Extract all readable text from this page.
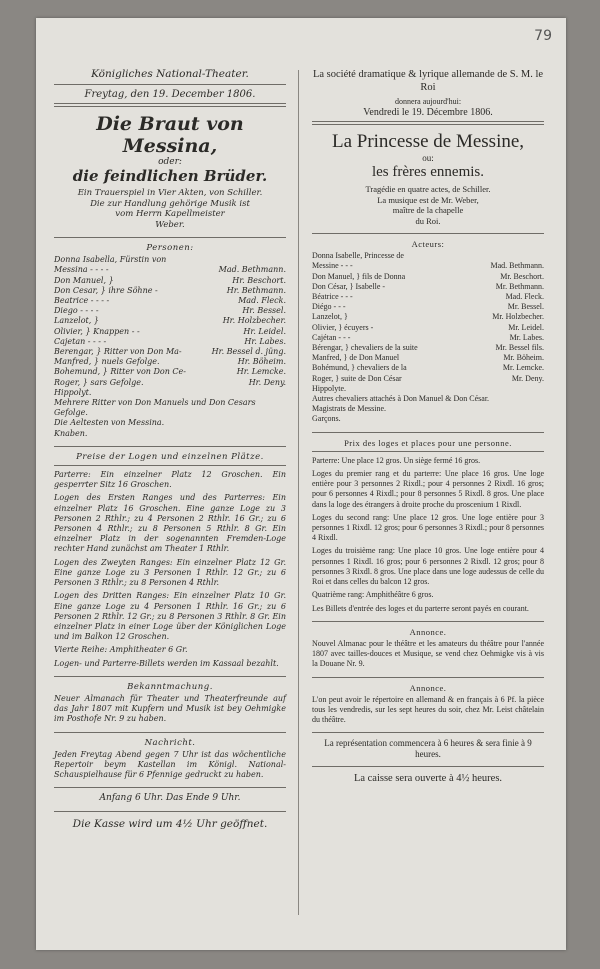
79
Königliches National-Theater.
Freytag, den 19. December 1806.
Die Braut von Messina,
oder:
die feindlichen Brüder.
Ein Trauerspiel in Vier Akten, von Schiller.
Die zur Handlung gehörige Musik ist
vom Herrn Kapellmeister
Weber.
Personen:
Donna Isabella, Fürstin von
Messina - - - -	Mad. Bethmann.
Don Manuel, }	Hr. Beschort.
Don Cesar, } ihre Söhne -	Hr. Bethmann.
Beatrice - - - -	Mad. Fleck.
Diego - - - -	Hr. Bessel.
Lanzelot, }	Hr. Holzbecher.
Olivier, } Knappen - -	Hr. Leidel.
Cajetan - - - -	Hr. Labes.
Berengar, } Ritter von Don Ma-	Hr. Bessel d. jüng.
Manfred, } nuels Gefolge.	Hr. Böheim.
Bohemund, } Ritter von Don Ce-	Hr. Lemcke.
Roger, } sars Gefolge.	Hr. Deny.
Hippolyt.
Mehrere Ritter von Don Manuels und Don Cesars Gefolge.
Die Aeltesten von Messina.
Knaben.
Preise der Logen und einzelnen Plätze.
Parterre: Ein einzelner Platz 12 Groschen. Ein gesperrter Sitz 16 Groschen.
Logen des Ersten Ranges und des Parterres: Ein einzelner Platz 16 Groschen. Eine ganze Loge zu 3 Personen 2 Rthlr.; zu 4 Personen 2 Rthlr. 16 Gr.; zu 6 Personen 4 Rthlr.; zu 8 Personen 5 Rthlr. 8 Gr. Ein einzelner Platz in der sogenannten Fremden-Loge rechter Hand zunächst am Theater 1 Rthlr.
Logen des Zweyten Ranges: Ein einzelner Platz 12 Gr. Eine ganze Loge zu 3 Personen 1 Rthlr. 12 Gr.; zu 6 Personen 3 Rthlr.; zu 8 Personen 4 Rthlr.
Logen des Dritten Ranges: Ein einzelner Platz 10 Gr. Eine ganze Loge zu 4 Personen 1 Rthlr. 16 Gr.; zu 6 Personen 2 Rthlr. 12 Gr.; zu 8 Personen 3 Rthlr. 8 Gr. Ein einzelner Platz in einer Loge über der Königlichen Loge und im Balkon 12 Groschen.
Vierte Reihe: Amphitheater 6 Gr.
Logen- und Parterre-Billets werden im Kassaal bezahlt.
Bekanntmachung.
Neuer Almanach für Theater und Theaterfreunde auf das Jahr 1807 mit Kupfern und Musik ist bey Oehmigke im Posthofe Nr. 9 zu haben.
Nachricht.
Jeden Freytag Abend gegen 7 Uhr ist das wöchentliche Repertoir beym Kastellan im Königl. National-Schauspielhause für 6 Pfennige gedruckt zu haben.
Anfang 6 Uhr. Das Ende 9 Uhr.
Die Kasse wird um 4½ Uhr geöffnet.
La société dramatique & lyrique allemande de S. M. le Roi
donnera aujourd'hui:
Vendredi le 19. Décembre 1806.
La Princesse de Messine,
ou:
les frères ennemis.
Tragédie en quatre actes, de Schiller.
La musique est de Mr. Weber,
maître de la chapelle
du Roi.
Acteurs:
Donna Isabelle, Princesse de
Messine - - -	Mad. Bethmann.
Don Manuel, } fils de Donna	Mr. Beschort.
Don César, } Isabelle -	Mr. Bethmann.
Béatrice - - -	Mad. Fleck.
Diégo - - -	Mr. Bessel.
Lanzelot, }	Mr. Holzbecher.
Olivier, } écuyers -	Mr. Leidel.
Cajétan - - -	Mr. Labes.
Bérengar, } chevaliers de la suite	Mr. Bessel fils.
Manfred, } de Don Manuel	Mr. Böheim.
Bohémund, } chevaliers de la	Mr. Lemcke.
Roger, } suite de Don César	Mr. Deny.
Hippolyte.
Autres chevaliers attachés à Don Manuel & Don César.
Magistrats de Messine.
Garçons.
Prix des loges et places pour une personne.
Parterre: Une place 12 gros. Un siège fermé 16 gros.
Loges du premier rang et du parterre: Une place 16 gros. Une loge entière pour 3 personnes 2 Rixdl.; pour 4 personnes 2 Rixdl. 16 gros; pour 6 personnes 4 Rixdl.; pour 8 personnes 5 Rixdl. 8 gros. Une place dans la loge des étrangers à droite proche du proscenium 1 Rixdl.
Loges du second rang: Une place 12 gros. Une loge entière pour 3 personnes 1 Rixdl. 12 gros; pour 6 personnes 3 Rixdl.; pour 8 personnes 4 Rixdl.
Loges du troisième rang: Une place 10 gros. Une loge entière pour 4 personnes 1 Rixdl. 16 gros; pour 6 personnes 2 Rixdl. 12 gros; pour 8 personnes 3 Rixdl. 8 gros. Une place dans une loge audessus de celle du Roi et dans celles du balcon 12 gros.
Quatrième rang: Amphithéâtre 6 gros.
Les Billets d'entrée des loges et du parterre seront payés en courant.
Annonce.
Nouvel Almanac pour le théâtre et les amateurs du théâtre pour l'année 1807 avec tailles-douces et Musique, se vend chez Oehmigke vis à vis la Douane Nr. 9.
Annonce.
L'on peut avoir le répertoire en allemand & en français à 6 Pf. la pièce tous les vendredis, sur les sept heures du soir, chez Mr. Leist châtelain du théâtre.
La représentation commencera à 6 heures & sera finie à 9 heures.
La caisse sera ouverte à 4½ heures.
